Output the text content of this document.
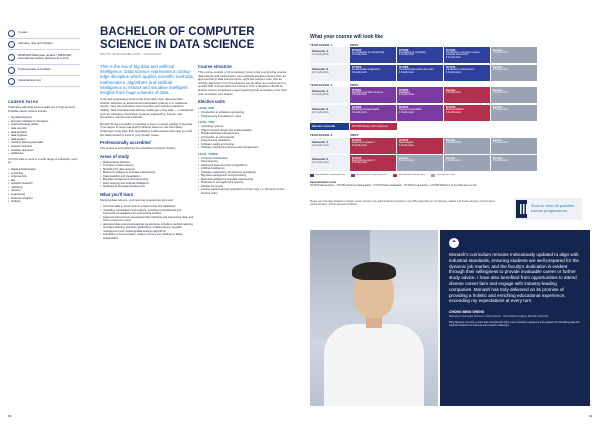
3 years
February, July and October
RM45,800 Malaysian student / RM53,900 international student (full fees at a cost)
Professionally accredited
Industrial learning
CAREER PATHS
Graduates with data science skills are in high demand. Possible career options include:
• big data engineer
• business intelligence developer
• chief technology officer
• data scientist
• data architect
• data engineer
• data analyst
• machine learning specialist
• research scientist
• software developer
• statistician
You'll be able to work in a wide range of industries, such as:
• digital transformation
• consulting
• cybersecurity
• law
• scientific research
• marketing
• robotics
• engineering
• business analytics
• banking
BACHELOR OF COMPUTER SCIENCE IN DATA SCIENCE
MPU/DP (N/481/6/0186) 12/26 · MQA/FA3136
This is the era of big data and artificial intelligence. Data science represents a cutting-edge discipline which applies scientific methods, mathematics, algorithms and artificial intelligence to extract and visualise intelligent insights from huge volumes of data.
In the fast-progressing world of the Information Age, data scientists, whether delivered on advancement-integrated systems or in traditional reports, have the potential to fuel innovation and transform decision-making. Data scientists deal with the challenges of big data — in disciplines such as marketing, information systems, engineering, finance, arts, humanities, science and medicine.
Monash brings a breadth of expertise to bear on issues relating to big data. If you aspire to solve real-world problems based on the information challenges of big data, then specialising in data science will equip you with the skills needed to excel in your chosen career.
Professionally accredited
This course is accredited by the Australian Computer Society.
Areas of study
• Mathematical statistics
• Principles of data science
• Modelling for data analysis
• Business intelligence and data warehousing
• Data analytics and visualisation
• Big data management and processing
• Deep learning and artificial intelligence
• Multiview AI and agile development
What you'll learn
Studying data science, your learning experiences will cover:
• technical skills in areas such as programming and databases
• modelling, visualisation and analysis, including computational and interactive visualisations for professional practice
• legal and ethical issues associated with collecting and interpreting data, and how to respond to them
• advanced data science knowledge via electives, including machine learning and deep learning, business applications of data science, big data management and clustering/data analysis algorithms
• soft skills in communication, ready to convey your findings to fellow stakeholders
Course structure
This course consists of 14 compulsory (core) units covering the science, data science and mathematics, two restricted electives chosen from an approved list of data science topics, eight free elective units, and an industry placement. The free electives can be taken as a sequence in a specific field of study within the school or from a discipline offered by another school. A capstone project spanning both semesters of the final year concludes your studies.
Elective units
LEVEL ONE
• Introduction to software engineering
• Programming foundations in Java
LEVEL TWO
• Operating systems
• Object oriented design and implementation
• Mobile application development
• Introduction to cybersecurity
• Programming paradigms
• Software quality and testing
• Software engineering process and management
LEVEL THREE
• Computer architecture
• Deep learning
• Advanced data structures & algorithms
• Artificial intelligence
• Software engineering: Architecture and design
• Big data management and processing
• Business intelligence and data warehousing
• Multiview AI and agile work security
• Parallel computing
• Industry based learning (equivalent to three units, i.e. 18 points of free elective units)
10
What your course will look like
YEAR 1/LEVEL 1	UNITS
Semester 1
24 Credit points
FIT1045
An introduction to programming
6 Credit points
FIT1008
Foundations of computing
6 Credit points
FIT1043
Introduction to computer systems, networks and security
6 Credit points
Elective
6 Credit points
Semester 2
24 Credit points
FIT1058
Fundamentals of algorithms
6 Credit points
FIT1006
IT professional practice and ethics
6 Credit points
FIT1043
Introduction to data science
6 Credit points
Elective
6 Credit points
YEAR 2/LEVEL 2	UNITS
Semester 1
24 Credit points
FIT2004
Algorithms and data structures
6 Credit points
FIT2094
Databases
6 Credit points
Elective
6 Credit points
Elective
6 Credit points
Semester 2
24 Credit points
FIT2086
Modelling for data analysis
6 Credit points
FIT2014
Theory of computation
6 Credit points
FIT2180
Data visualisation
6 Credit points
Elective
6 Credit points
Summer semester	FIT2108 Industry work experience
YEAR 3/LEVEL 3	UNITS
Semester 1
24 Credit points
FIT3163
Data science project 1
6 Credit points
FIT3152
Data analytics
6 Credit points
Elective
6 Credit points
Elective
6 Credit points
Semester 2
24 Credit points
FIT3164
Data science project 2
6 Credit points
Elective
6 Credit points
Elective
6 Credit points
Elective
6 Credit points
Foundational compulsory units	Specialisation compulsory units	Specialisation elective units	Free elective units
Specialisation units
FIT3152 Data analytics · FIT3154 Advanced data analysis · FIT3179 Data visualisation · FIT3181 Deep learning · FIT3183 Malicious AI and dark side security
Please note this page illustrates a sample course structure only. Each student's programme may differ depending on unit offerings, intakes and chosen electives. For the latest course structure, visit the Monash handbook.	Scan to view all possible course progressions.
“
Monash's curriculum remains meticulously updated to align with industrial standards, ensuring students are well-prepared for the dynamic job market, and the faculty's dedication is evident through their willingness to provide invaluable career or further study advice. I have also benefited from opportunities to attend diverse career fairs and engage with industry-leading companies. Monash has truly delivered on its promise of providing a holistic and enriching educational experience, exceeding my expectations at every turn.
CHONG MING SHENG
Bachelor of Computer Science in Data Science · Now Student Analyst, Monash University
Ming Sheng is currently a senior data scientist with eight years of industry experience and a passion for translating data into impactful solutions for business and research challenges.
11
